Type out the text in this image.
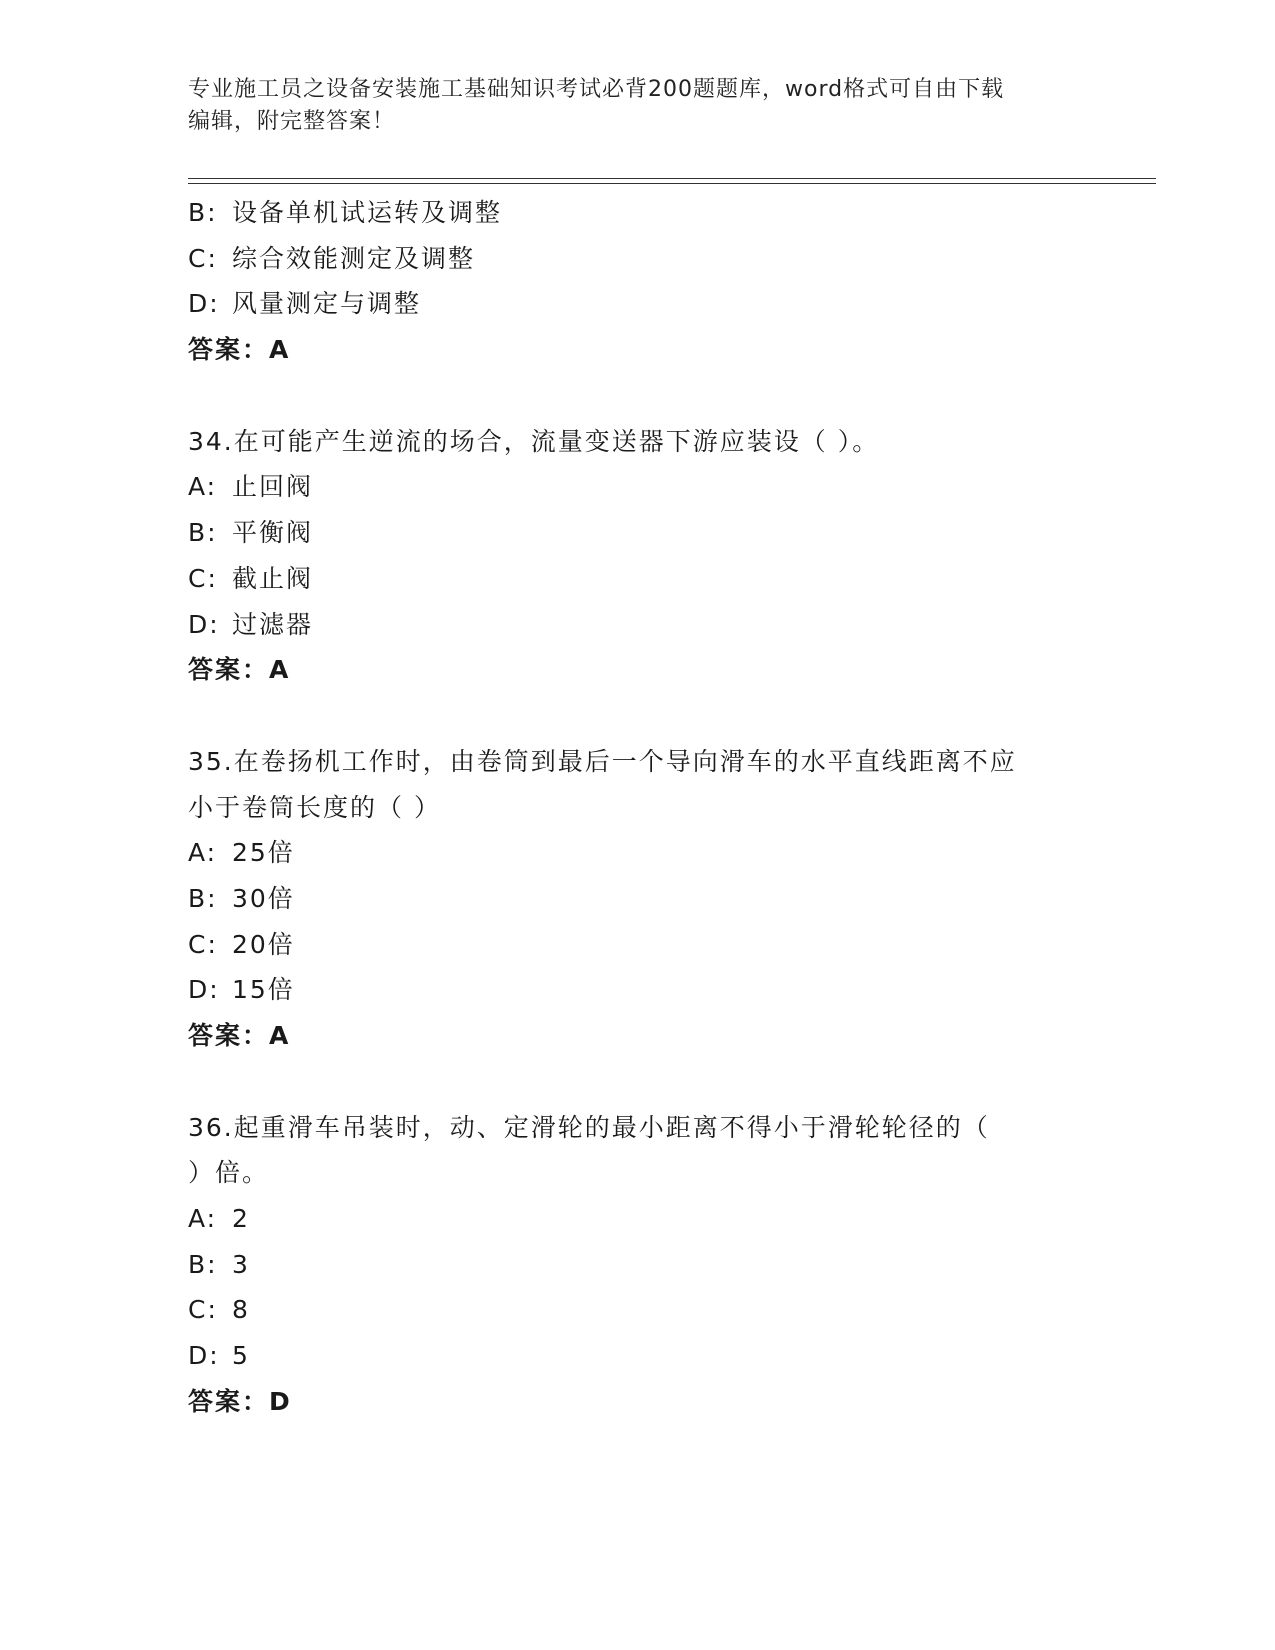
专业施工员之设备安装施工基础知识考试必背200题题库，word格式可自由下载
编辑，附完整答案！
B: 设备单机试运转及调整
C: 综合效能测定及调整
D: 风量测定与调整
答案：A
34.在可能产生逆流的场合，流量变送器下游应装设（ ）。
A: 止回阀
B: 平衡阀
C: 截止阀
D: 过滤器
答案：A
35.在卷扬机工作时，由卷筒到最后一个导向滑车的水平直线距离不应
小于卷筒长度的（ ）
A: 25倍
B: 30倍
C: 20倍
D: 15倍
答案：A
36.起重滑车吊装时，动、定滑轮的最小距离不得小于滑轮轮径的（
）倍。
A: 2
B: 3
C: 8
D: 5
答案：D
